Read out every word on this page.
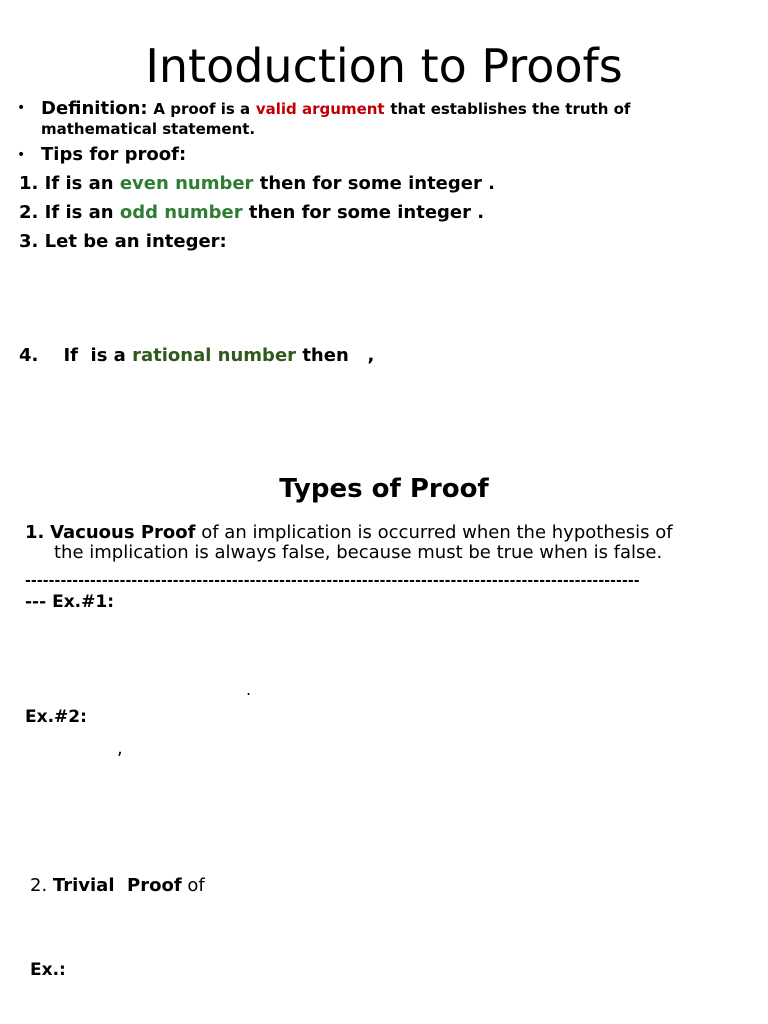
Intoduction to Proofs
• Definition: A proof is a valid argument that establishes the truth of
mathematical statement.
• Tips for proof:
1. If is an even number then for some integer .
2. If is an odd number then for some integer .
3. Let be an integer:
4.    If  is a rational number then   ,
Types of Proof
1. Vacuous Proof of an implication is occurred when the hypothesis of
the implication is always false, because must be true when is false.
--------------------------------------------------------------------------------------------------------
--- Ex.#1:
.
Ex.#2:
,
2. Trivial  Proof of
Ex.:
